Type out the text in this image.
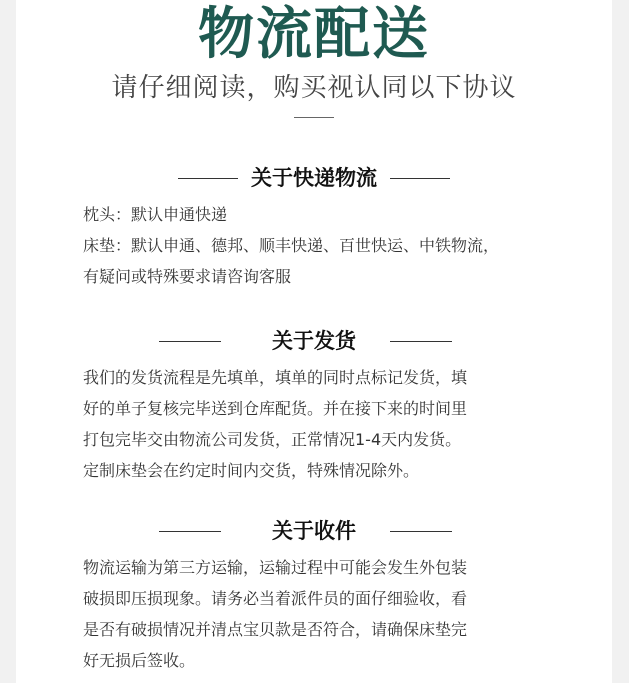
物流配送
请仔细阅读，购买视认同以下协议
关于快递物流
枕头：默认申通快递
床垫：默认申通、德邦、顺丰快递、百世快运、中铁物流，
有疑问或特殊要求请咨询客服
关于发货
我们的发货流程是先填单，填单的同时点标记发货，填
好的单子复核完毕送到仓库配货。并在接下来的时间里
打包完毕交由物流公司发货，正常情况1-4天内发货。
定制床垫会在约定时间内交货，特殊情况除外。
关于收件
物流运输为第三方运输，运输过程中可能会发生外包装
破损即压损现象。请务必当着派件员的面仔细验收，看
是否有破损情况并清点宝贝款是否符合，请确保床垫完
好无损后签收。
